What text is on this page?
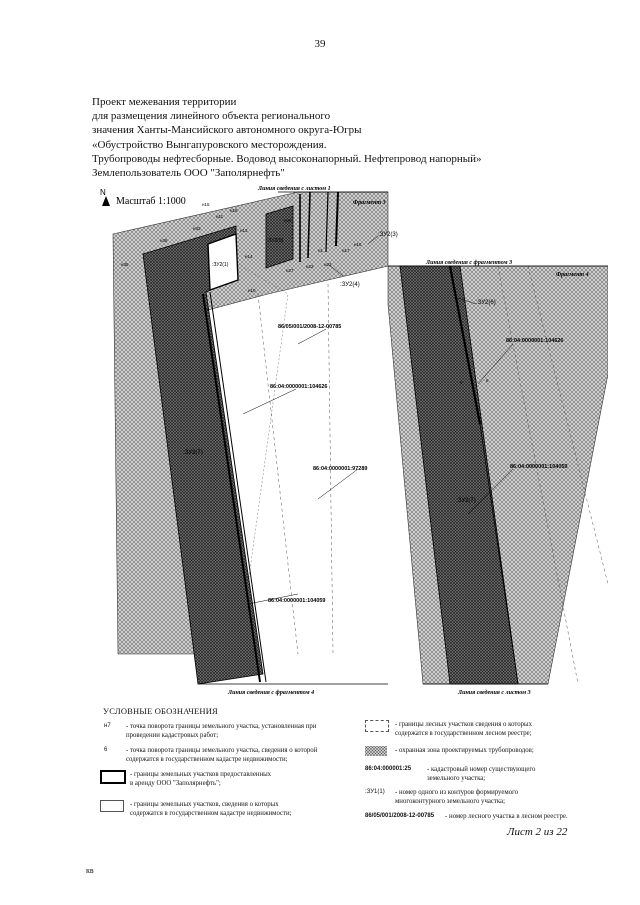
39
Проект межевания территории
для размещения линейного объекта регионального
значения Ханты-Мансийского автономного округа-Югры
«Обустройство Вынгапуровского месторождения.
Трубопроводы нефтесборные. Водовод высоконапорный. Нефтепровод напорный»
Землепользователь ООО "Заполярнефть"
N
Масштаб 1:1000
Линия сведения с листом 1
Линия сведения с фрагментом 3
Линия сведения с фрагментом 4	Линия сведения с листом 3
Фрагмент 3
Фрагмент 4
:ЗУ2(3)
:ЗУ2(4)
:ЗУ2(6)
:ЗУ2(7)
:ЗУ2(7)
:ЗУ2(5)
:ЗУ2(1)
86/05/001/2008-12-00785
86:04:0000001:104626
86:04:0000001:104626
86:04:0000001:97289
86:04:0000001:104059
86:04:0000001:104059
н1
н9
н10
н11
н13
н14
н15
н16
н17
н18
н21
н22
н26
н27
н33
н35
н36
5	6
УСЛОВНЫЕ ОБОЗНАЧЕНИЯ
н7 - точка поворота границы земельного участка, установленная при
проведении кадастровых работ;
6	- точка поворота границы земельного участка, сведения о которой
содержатся в государственном кадастре недвижимости;
- границы земельных участков предоставленных
в аренду ООО "Заполярнефть";
- границы земельных участков, сведения о которых
содержатся в государственном кадастре недвижимости;
- границы лесных участков сведения о которых
содержатся в государственном лесном реестре;
- охранная зона проектируемых трубопроводов;
86:04:000001:25 - кадастровый номер существующего
земельного участка;
:ЗУ1(1) - номер одного из контуров формируемого
многоконтурного земельного участка;
86/05/001/2008-12-00785 - номер лесного участка в лесном реестре.
Лист 2 из 22
кв
